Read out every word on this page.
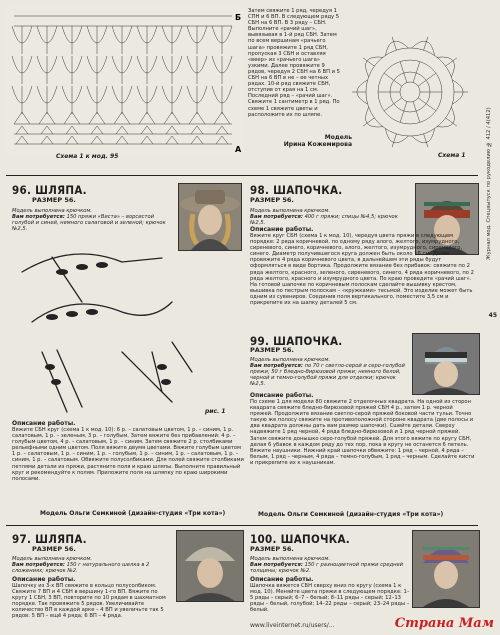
Б
А
Схема 1 к мод. 95
Затем свяжите 1 ряд, чередуя 1 СПН и 6 ВП. В следующем ряду 5 СБН на 6 ВП. В 3 ряду – СБН. Выполните «рачий шаг», вывязывая в 1-й ряд СБН. Затем по всем вершинам «рачьего шага» провяжите 1 ряд СБН, пропуская 3 СБН и оставляя «веер» из «рачьего шага» узкими. Далее провяжите 9 рядов, чередуя 2 СБН на 6 ВП и 5 СБН на 6 ВП в не – ее четных рядах. 10-й ряд свяжите СБН, отступив от края на 1 см. Последний ряд – «рачий шаг». Свяжите 1 сантиметр в 1 ряд. По схеме 1 свяжите цветы и расположите их по шляпе.
Модель
Ирина Кожемирова
Схема 1	Журнал мод. Спецвыпуск по рукоделию № 412 / 4(412)
45
96. ШЛЯПА.
РАЗМЕР 56.
Модель выполнена крючком.
Вам потребуется: 150 пряжи «Виста» – ворсистой голубой и синей, немного салатовой и зеленой; крючок №2,5.
рис. 1
Описание работы.
Вяжите СБН круг (схема 1 к мод. 10): 6 р. – салатовым цветом, 1 р. – синим, 1 р. салатовым, 1 р. – зеленым, 3 р. – голубым. Затем вяжите без прибавлений: 4 р. – голубым цветом, 4 р. – салатовым, 1 р. – синим. Затем свяжите 2 р. столбиками рельефными одним цветом. Поля вяжите двумя цветами. Вяжите голубым цветом 1 р. – салатовым, 1 р. – синим, 1 р. – голубым, 1 р. – синим, 1 р. – салатовым, 1 р. – синим, 1 р. – салатовым. Обвяжите полусолбиками. Для полей свяжите столбиками петлями детали из пряжи, растяните поля и краю шляпы. Выполните правильный круг и рекомендуйте к полям. Приложите поля на шляпку по краю широкими полосами.
Модель Ольги Семкиной (дизайн-студия «Три кота»)
98. ШАПОЧКА.
РАЗМЕР 56.
Модель выполнена крючком.
Вам потребуется: 400 г пряжи; спицы №4,5; крючок №2,5.
Описание работы.
Вяжите круг СБН (схема 1 к мод. 10), чередуя цвета пряжи в следующем порядке: 2 ряда коричневой, по одному ряду алого, желтого, изумрудного, сиреневого, синего, коричневого, алого, желтого, изумрудного, сиреневого, синего. Диаметр получившегося круга должен быть около 16 см. Далее провяжите 4 ряда коричневого цвета, в дальнейшем эти ряды будут оформляться в виде бортика. Продолжите вязание без прибавок: свяжите по 2 ряда желтого, красного, зеленого, сиреневого, синего, 4 ряда коричневого, по 2 ряда желтого, красного и изумрудного цвета. По краю проведите «рачий шаг». На готовой шапочке по коричневым полоскам сделайте вышивку крестом, вышивка по пестрым полоскам – «кружками» тесьмой. Это изделие может быть одним из сувениров. Соединив поля вертикального, поместите 3,5 см и прикрепите их на шапку деталей 5 см.
99. ШАПОЧКА.
РАЗМЕР 56.
Модель выполнена крючком.
Вам потребуется: по 70 г светло-серой и серо-голубой пряжи; 50 г бледно-бирюзовой пряжи; немного белой, черной и темно-голубой пряжи для отделки; крючок №2,5.
Описание работы.
По схеме 1 для модели 80 свяжите 2 отделочных квадрата. На одной из сторон квадрата свяжите бледно-бирюзовой пряжей СБН 4 р., затем 1 р. черной пряжей. Продолжите вязание светло-серой пряжей боковой части тульи. Точно такую же полосу свяжите на противоположной стороне квадрата (две полосы и два квадрата должны дать вам размер шапочки). Сшейте детали. Сверху надвяжите 1 ряд черной, 4 ряда бледно-бирюзовой и 1 ряд черной пряжей. Затем свяжите донышко серо-голубой пряжей. Для этого вяжите по кругу СБН, делая 6 убавок в каждом ряду до тех пор, пока в кругу не останется 6 петель. Вяжите наушники. Нижний край шапочки обвяжите: 1 ряд – черной, 4 ряда – белым, 1 ряд – черным, 4 ряда – темно-голубым, 1 ряд – черным. Сделайте кисти и прикрепите их к наушникам.
Модель Ольги Семкиной (дизайн-студия «Три кота»)
97. ШЛЯПА.
РАЗМЕР 56.
Модель выполнена крючком.
Вам потребуется: 150 г натурального шелка в 2 сложениях; крючок №2.
Описание работы.
Шапочку из 3-х ВП свяжите в кольцо полусолбиком. Свяжите 7 ВП и 4 СБН в вершину 1-го ВП. Вяжите по кругу 1 СБН, 3 ВП, повторите по 10 рядам в шахматном порядке. Так провяжите 5 рядов. Увеличивайте количество ВП в каждой арке – 4 ВП и увеличьте так 5 рядов: 5 ВП – ещё 4 ряда; 6 ВП – 4 ряда.
100. ШАПОЧКА.
РАЗМЕР 56.
Модель выполнена крючком.
Вам потребуется: 150 г разноцветной пряжи средней толщины; крючок №2.
Описание работы.
Шапочка вяжется СБН сверху вниз по кругу (схема 1 к мод. 10). Меняйте цвета пряжи в следующем порядке: 1–5 ряды – серый; 6–7 – белый; 8–11 ряды – серый; 12–13 ряды – белый, голубой; 14–22 ряды – серый; 23–24 ряды – белый.
www.liveinternet.ru/users/...	Страна Мам
